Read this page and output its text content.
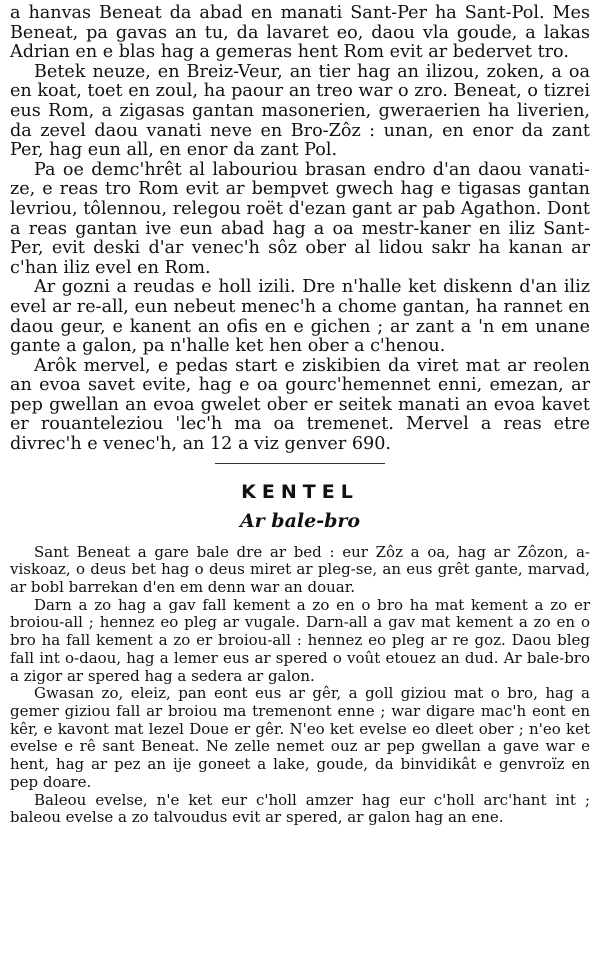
a hanvas Beneat da abad en manati Sant-Per ha Sant-Pol. Mes Beneat, pa gavas an tu, da lavaret eo, daou vla goude, a lakas Adrian en e blas hag a gemeras hent Rom evit ar bedervet tro.

Betek neuze, en Breiz-Veur, an tier hag an ilizou, zoken, a oa en koat, toet en zoul, ha paour an treo war o zro. Beneat, o tizrei eus Rom, a zigasas gantan masonerien, gweraerien ha liverien, da zevel daou vanati neve en Bro-Zôz : unan, en enor da zant Per, hag eun all, en enor da zant Pol.

Pa oe demc'hrêt al labouriou brasan endro d'an daou vanati-ze, e reas tro Rom evit ar bempvet gwech hag e tigasas gantan levriou, tôlennou, relegou roët d'ezan gant ar pab Agathon. Dont a reas gantan ive eun abad hag a oa mestr-kaner en iliz Sant-Per, evit deski d'ar venec'h sôz ober al lidou sakr ha kanan ar c'han iliz evel en Rom.

Ar gozni a reudas e holl izili. Dre n'halle ket diskenn d'an iliz evel ar re-all, eun nebeut menec'h a chome gantan, ha rannet en daou geur, e kanent an ofis en e gichen ; ar zant a 'n em unane gante a galon, pa n'halle ket hen ober a c'henou.

Arôk mervel, e pedas start e ziskibien da viret mat ar reolen an evoa savet evite, hag e oa gourc'hemennet enni, emezan, ar pep gwellan an evoa gwelet ober er seitek manati an evoa kavet er rouanteleziou 'lec'h ma oa tremenet. Mervel a reas etre divrec'h e venec'h, an 12 a viz genver 690.

KENTEL
Ar bale-bro

Sant Beneat a gare bale dre ar bed : eur Zôz a oa, hag ar Zôzon, a-viskoaz, o deus bet hag o deus miret ar pleg-se, an eus grêt gante, marvad, ar bobl barrekan d'en em denn war an douar.

Darn a zo hag a gav fall kement a zo en o bro ha mat kement a zo er broiou-all ; hennez eo pleg ar vugale. Darn-all a gav mat kement a zo en o bro ha fall kement a zo er broiou-all : hennez eo pleg ar re goz. Daou bleg fall int o-daou, hag a lemer eus ar spered o voût etouez an dud. Ar bale-bro a zigor ar spered hag a sedera ar galon.

Gwasan zo, eleiz, pan eont eus ar gêr, a goll giziou mat o bro, hag a gemer giziou fall ar broiou ma tremenont enne ; war digare mac'h eont en kêr, e kavont mat lezel Doue er gêr. N'eo ket evelse eo dleet ober ; n'eo ket evelse e rê sant Beneat. Ne zelle nemet ouz ar pep gwellan a gave war e hent, hag ar pez an ije goneet a lake, goude, da binvidikât e genvroïz en pep doare.

Baleou evelse, n'e ket eur c'holl amzer hag eur c'holl arc'hant int ; baleou evelse a zo talvoudus evit ar spered, ar galon hag an ene.
